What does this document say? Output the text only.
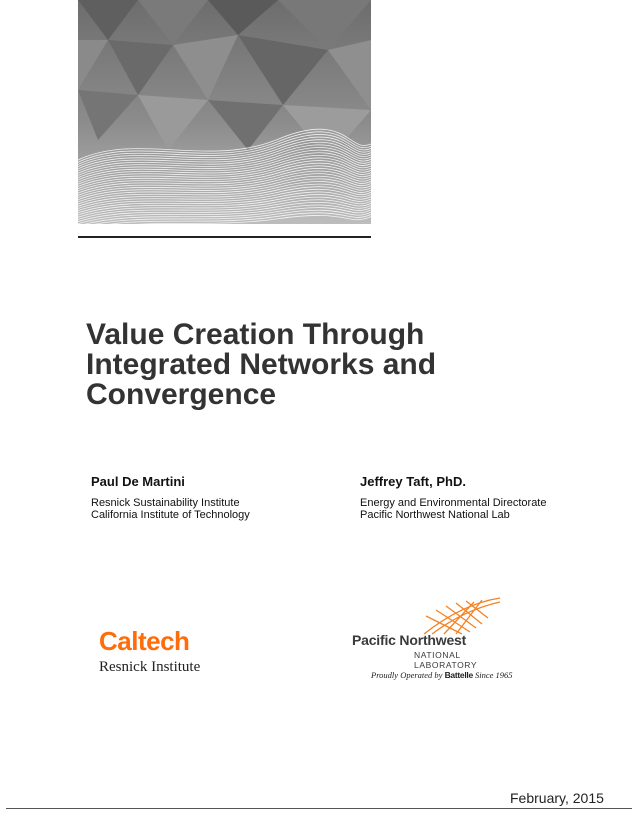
Value Creation Through
Integrated Networks and
Convergence
Paul De Martini
Resnick Sustainability Institute
California Institute of Technology
Jeffrey Taft, PhD.
Energy and Environmental Directorate
Pacific Northwest National Lab
Caltech
Resnick Institute
Pacific Northwest
NATIONAL LABORATORY
Proudly Operated by Battelle Since 1965
February, 2015
